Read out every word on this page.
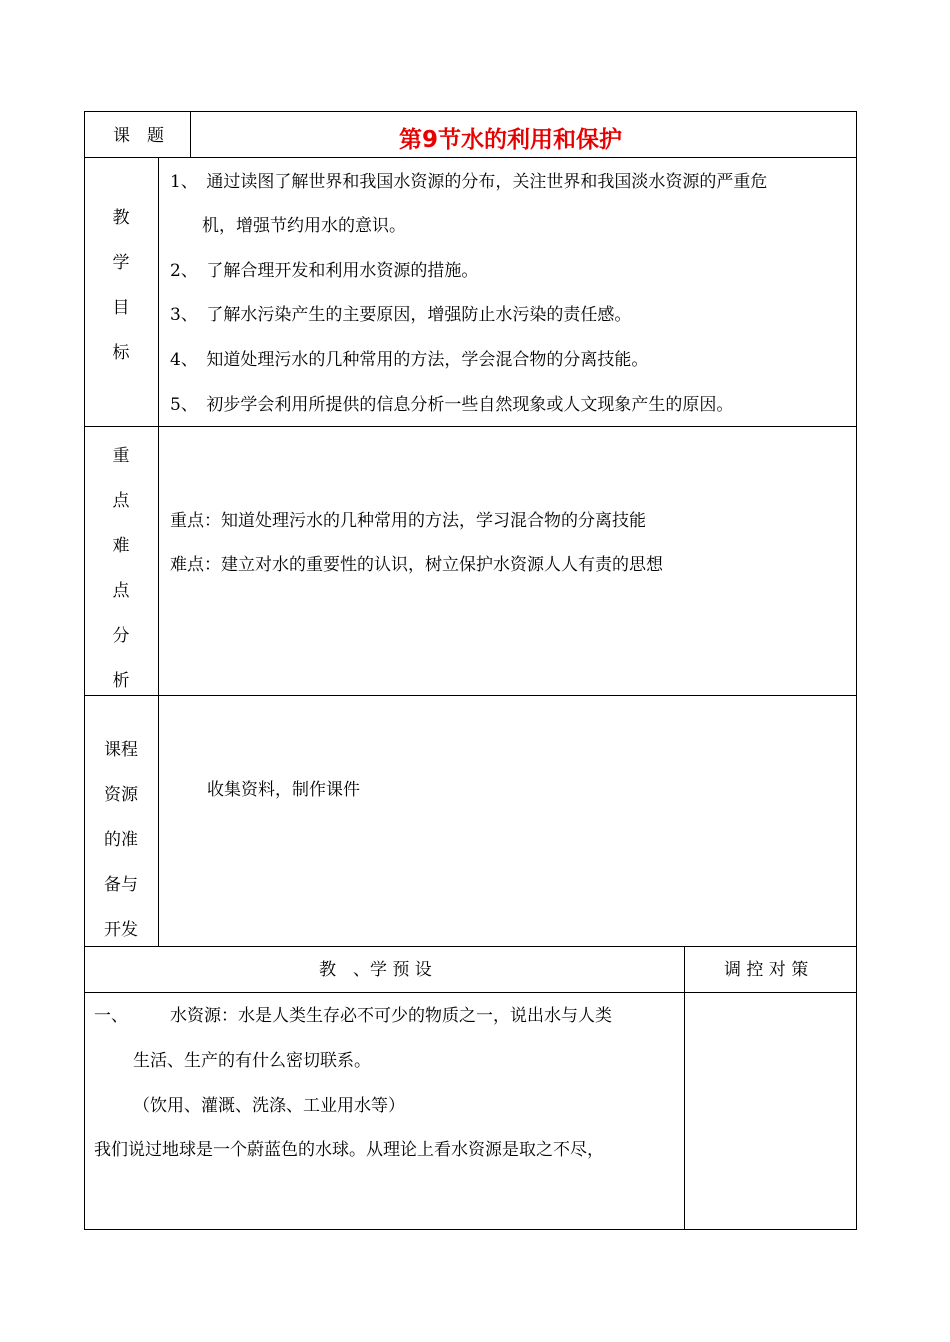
课　题	第9节水的利用和保护
教
学
目
标
1、　通过读图了解世界和我国水资源的分布，关注世界和我国淡水资源的严重危
机，增强节约用水的意识。
2、　了解合理开发和利用水资源的措施。
3、　了解水污染产生的主要原因，增强防止水污染的责任感。
4、　知道处理污水的几种常用的方法，学会混合物的分离技能。
5、　初步学会利用所提供的信息分析一些自然现象或人文现象产生的原因。
重
点
难
点
分
析
重点：知道处理污水的几种常用的方法，学习混合物的分离技能
难点：建立对水的重要性的认识，树立保护水资源人人有责的思想
课程
资源
的准
备与
开发
收集资料，制作课件
教　、学 预 设	调 控 对 策
一、 水资源：水是人类生存必不可少的物质之一，说出水与人类
生活、生产的有什么密切联系。
（饮用、灌溉、洗涤、工业用水等）
我们说过地球是一个蔚蓝色的水球。从理论上看水资源是取之不尽，
